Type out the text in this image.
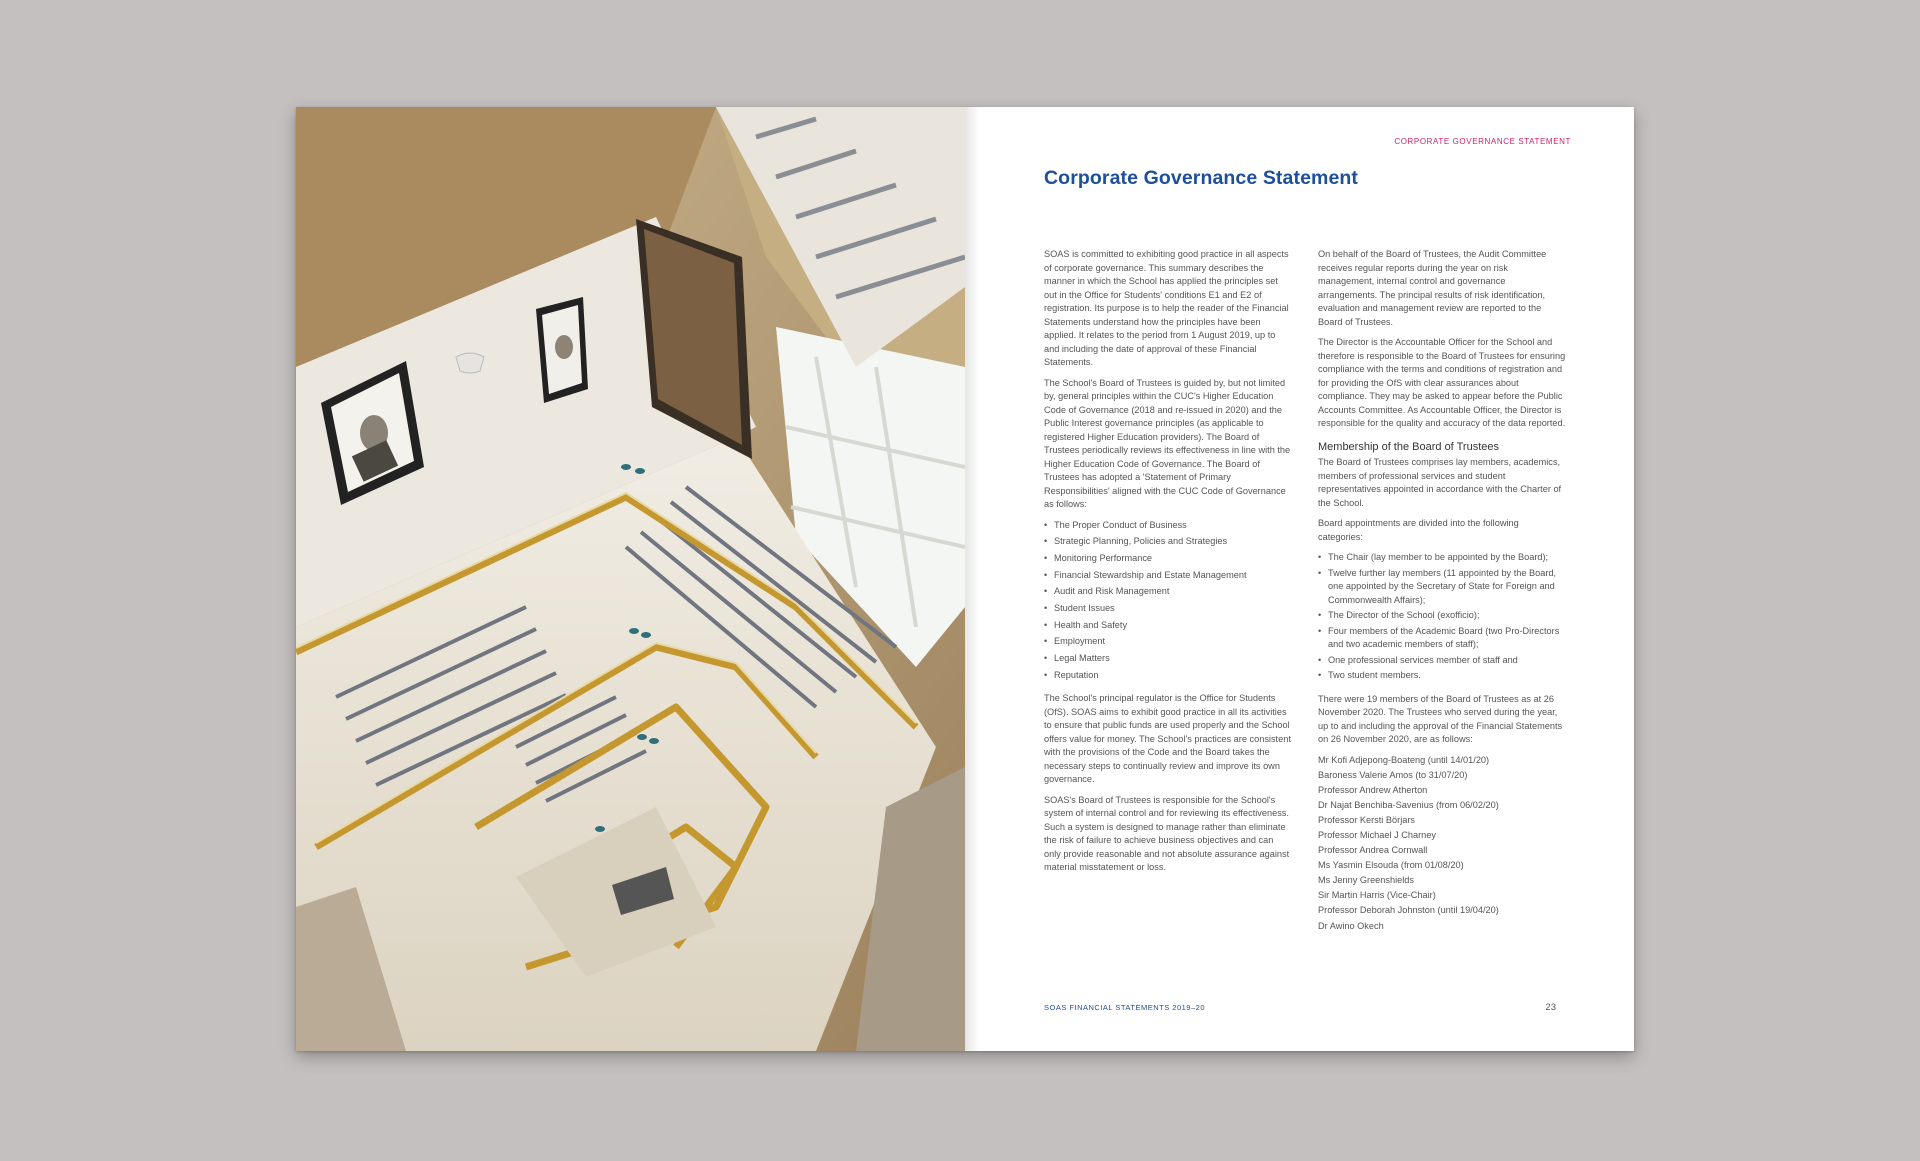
CORPORATE GOVERNANCE STATEMENT
Corporate Governance Statement

SOAS is committed to exhibiting good practice in all aspects of corporate governance. This summary describes the manner in which the School has applied the principles set out in the Office for Students' conditions E1 and E2 of registration. Its purpose is to help the reader of the Financial Statements understand how the principles have been applied. It relates to the period from 1 August 2019, up to and including the date of approval of these Financial Statements.

The School's Board of Trustees is guided by, but not limited by, general principles within the CUC's Higher Education Code of Governance (2018 and re-issued in 2020) and the Public Interest governance principles (as applicable to registered Higher Education providers). The Board of Trustees periodically reviews its effectiveness in line with the Higher Education Code of Governance. The Board of Trustees has adopted a 'Statement of Primary Responsibilities' aligned with the CUC Code of Governance as follows:

• The Proper Conduct of Business
• Strategic Planning, Policies and Strategies
• Monitoring Performance
• Financial Stewardship and Estate Management
• Audit and Risk Management
• Student Issues
• Health and Safety
• Employment
• Legal Matters
• Reputation

The School's principal regulator is the Office for Students (OfS). SOAS aims to exhibit good practice in all its activities to ensure that public funds are used properly and the School offers value for money. The School's practices are consistent with the provisions of the Code and the Board takes the necessary steps to continually review and improve its own governance.

SOAS's Board of Trustees is responsible for the School's system of internal control and for reviewing its effectiveness. Such a system is designed to manage rather than eliminate the risk of failure to achieve business objectives and can only provide reasonable and not absolute assurance against material misstatement or loss.

On behalf of the Board of Trustees, the Audit Committee receives regular reports during the year on risk management, internal control and governance arrangements. The principal results of risk identification, evaluation and management review are reported to the Board of Trustees.

The Director is the Accountable Officer for the School and therefore is responsible to the Board of Trustees for ensuring compliance with the terms and conditions of registration and for providing the OfS with clear assurances about compliance. They may be asked to appear before the Public Accounts Committee. As Accountable Officer, the Director is responsible for the quality and accuracy of the data reported.

Membership of the Board of Trustees

The Board of Trustees comprises lay members, academics, members of professional services and student representatives appointed in accordance with the Charter of the School.

Board appointments are divided into the following categories:

• The Chair (lay member to be appointed by the Board);
• Twelve further lay members (11 appointed by the Board, one appointed by the Secretary of State for Foreign and Commonwealth Affairs);
• The Director of the School (exofficio);
• Four members of the Academic Board (two Pro-Directors and two academic members of staff);
• One professional services member of staff and
• Two student members.

There were 19 members of the Board of Trustees as at 26 November 2020. The Trustees who served during the year, up to and including the approval of the Financial Statements on 26 November 2020, are as follows:

Mr Kofi Adjepong-Boateng (until 14/01/20)
Baroness Valerie Amos (to 31/07/20)
Professor Andrew Atherton
Dr Najat Benchiba-Savenius (from 06/02/20)
Professor Kersti Börjars
Professor Michael J Charney
Professor Andrea Cornwall
Ms Yasmin Elsouda (from 01/08/20)
Ms Jenny Greenshields
Sir Martin Harris (Vice-Chair)
Professor Deborah Johnston (until 19/04/20)
Dr Awino Okech
SOAS FINANCIAL STATEMENTS 2019–20	23
